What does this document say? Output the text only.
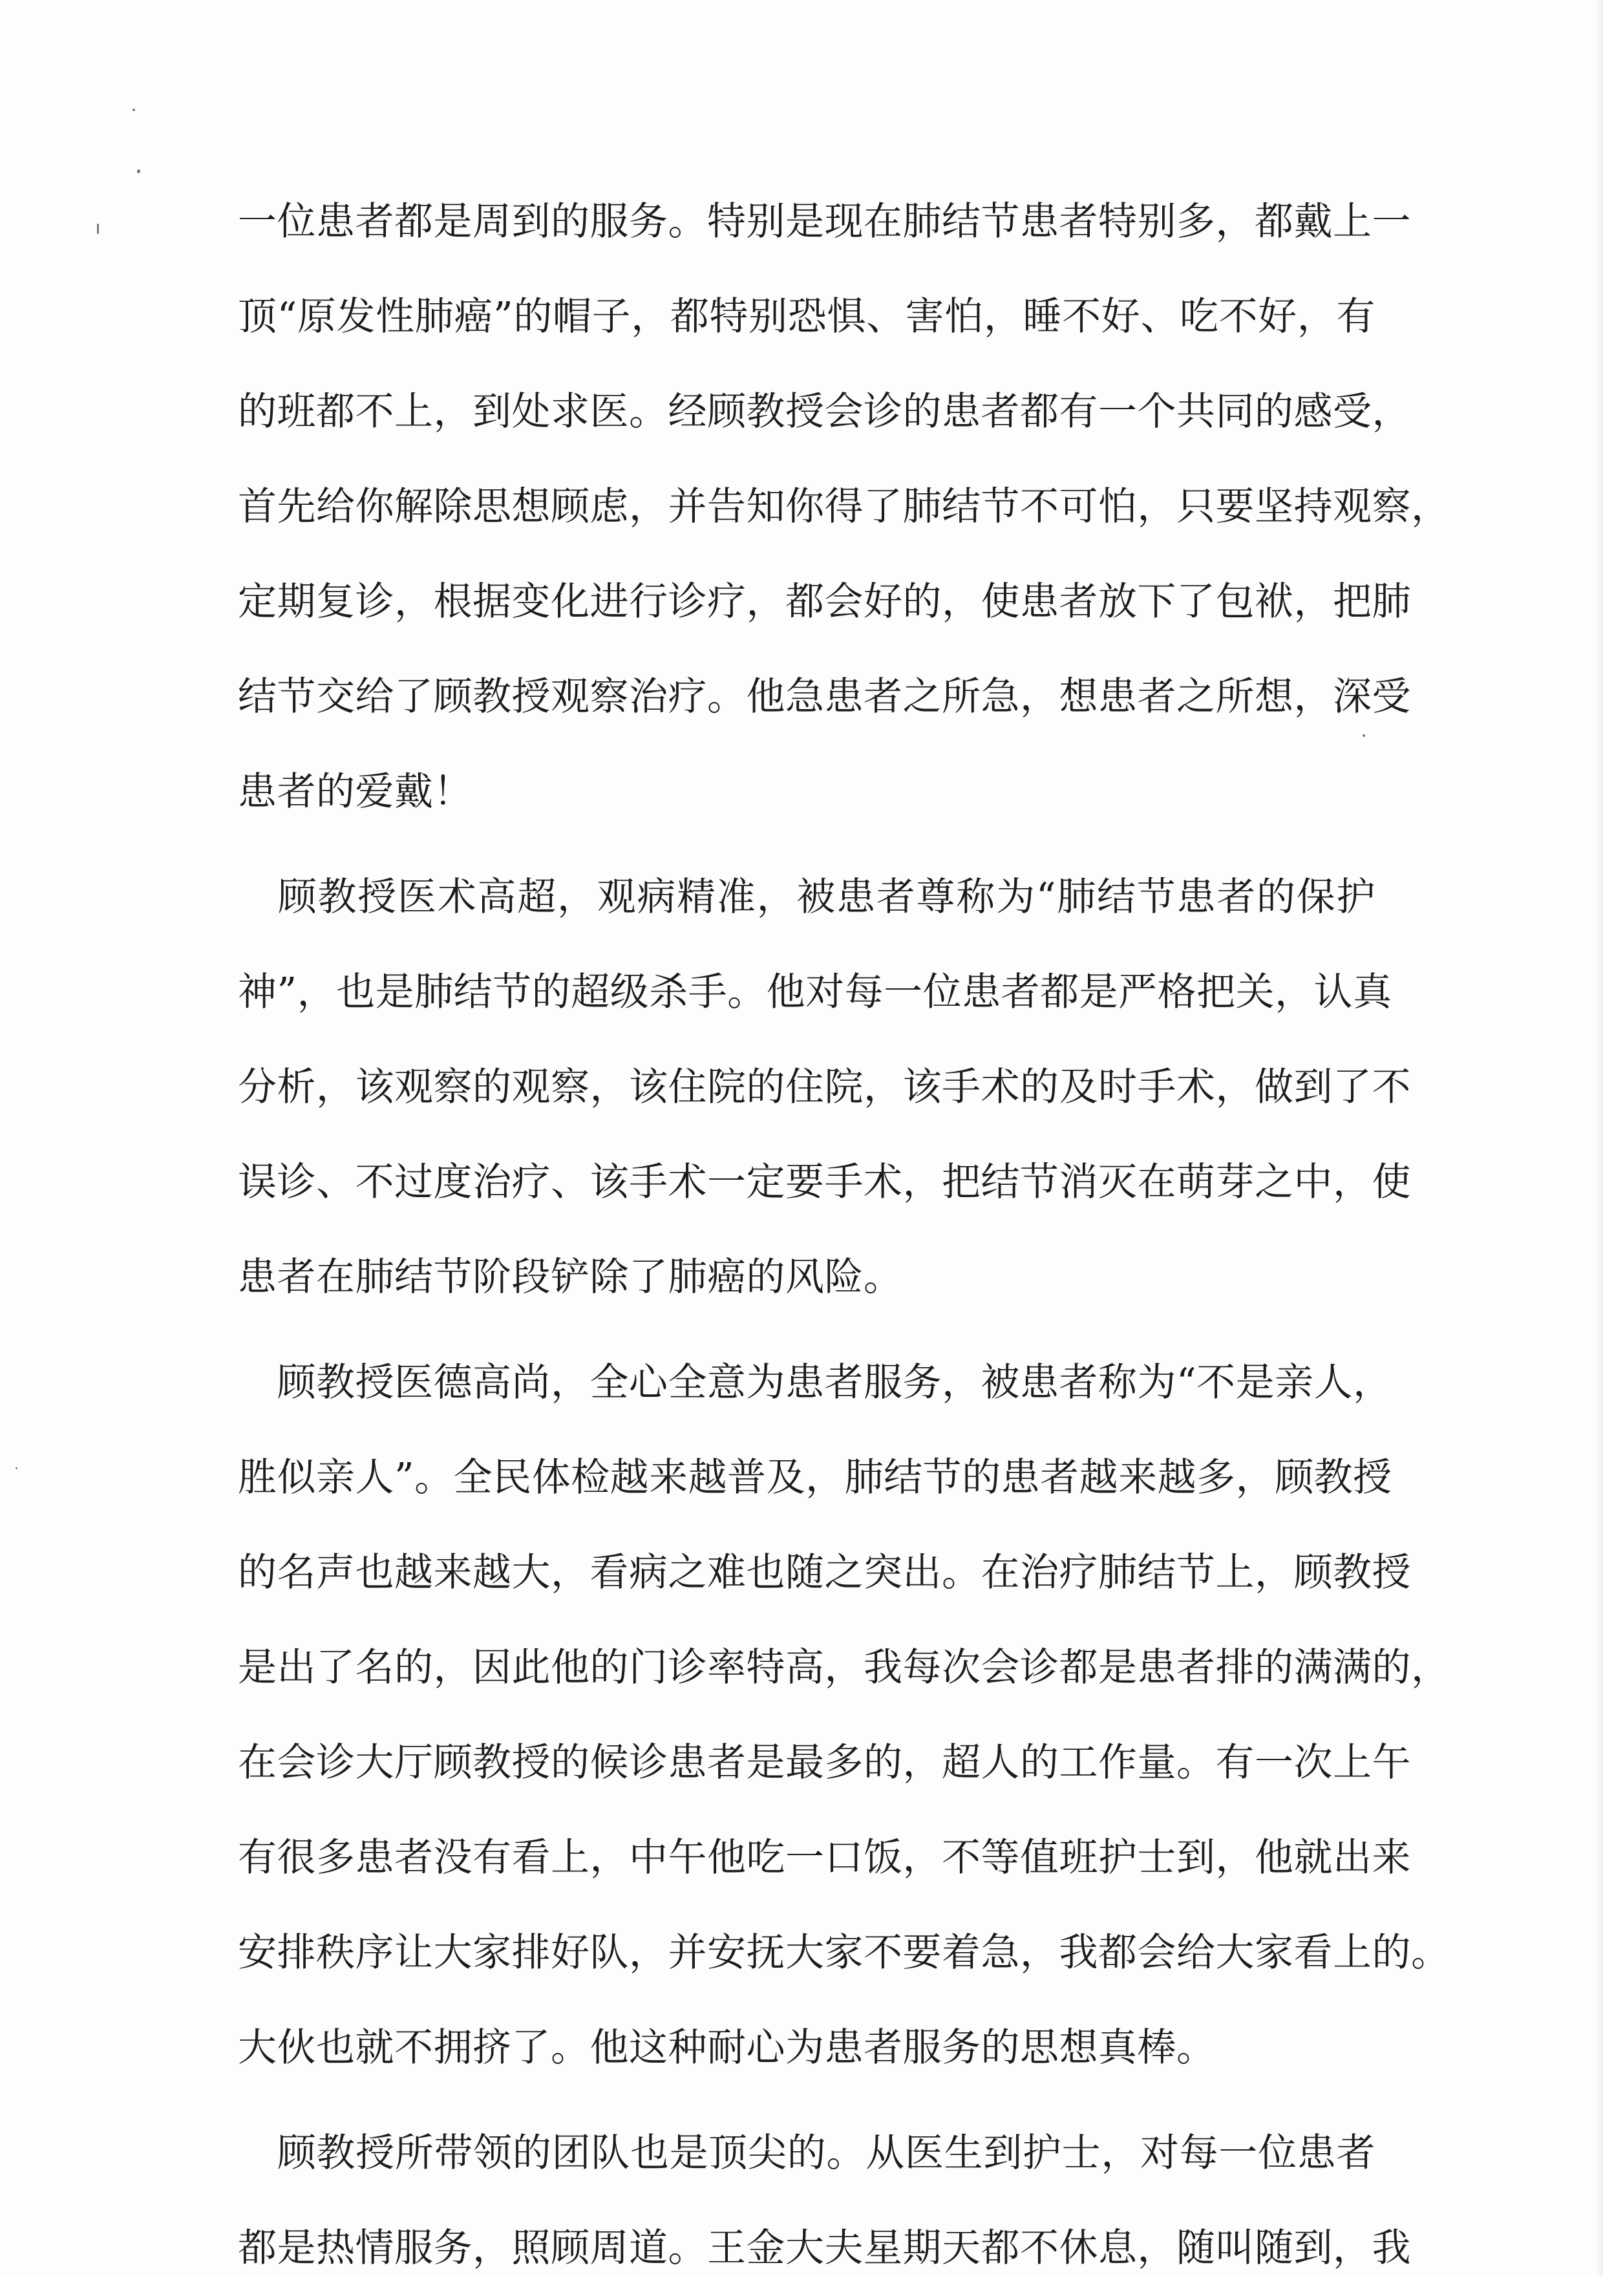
一位患者都是周到的服务。特别是现在肺结节患者特别多，都戴上一
顶“原发性肺癌”的帽子，都特别恐惧、害怕，睡不好、吃不好，有
的班都不上，到处求医。经顾教授会诊的患者都有一个共同的感受，
首先给你解除思想顾虑，并告知你得了肺结节不可怕，只要坚持观察，
定期复诊，根据变化进行诊疗，都会好的，使患者放下了包袱，把肺
结节交给了顾教授观察治疗。他急患者之所急，想患者之所想，深受
患者的爱戴！
　顾教授医术高超，观病精准，被患者尊称为“肺结节患者的保护
神”，也是肺结节的超级杀手。他对每一位患者都是严格把关，认真
分析，该观察的观察，该住院的住院，该手术的及时手术，做到了不
误诊、不过度治疗、该手术一定要手术，把结节消灭在萌芽之中，使
患者在肺结节阶段铲除了肺癌的风险。
　顾教授医德高尚，全心全意为患者服务，被患者称为“不是亲人，
胜似亲人”。全民体检越来越普及，肺结节的患者越来越多，顾教授
的名声也越来越大，看病之难也随之突出。在治疗肺结节上，顾教授
是出了名的，因此他的门诊率特高，我每次会诊都是患者排的满满的，
在会诊大厅顾教授的候诊患者是最多的，超人的工作量。有一次上午
有很多患者没有看上，中午他吃一口饭，不等值班护士到，他就出来
安排秩序让大家排好队，并安抚大家不要着急，我都会给大家看上的。
大伙也就不拥挤了。他这种耐心为患者服务的思想真棒。
　顾教授所带领的团队也是顶尖的。从医生到护士，对每一位患者
都是热情服务，照顾周道。王金大夫星期天都不休息，随叫随到，我
